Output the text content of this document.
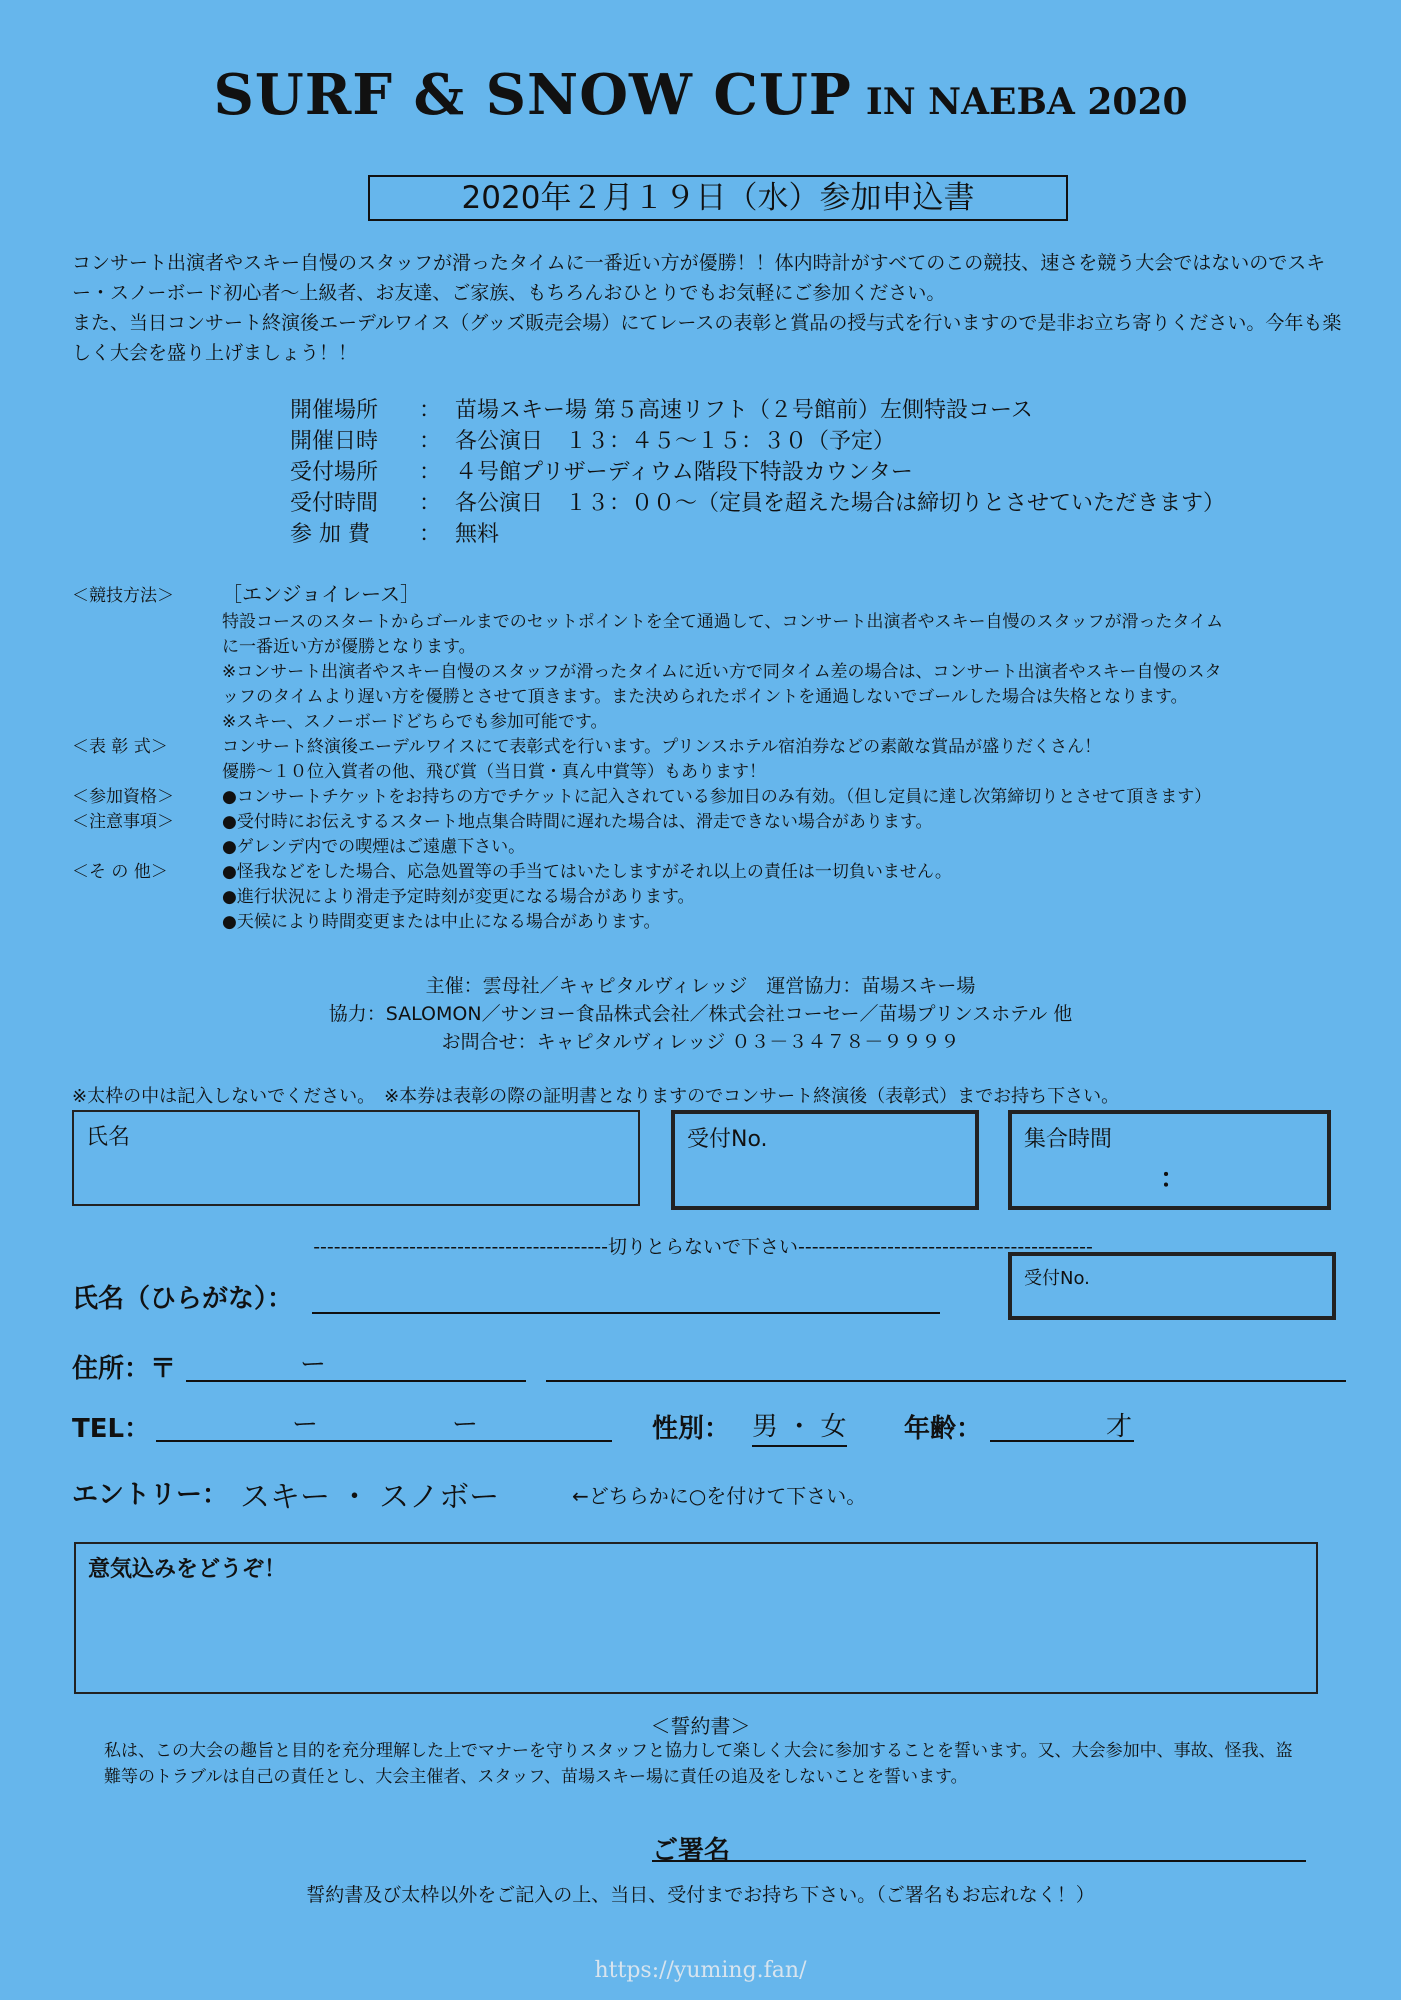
SURF & SNOW CUP IN NAEBA 2020
2020年２月１９日（水）参加申込書
コンサート出演者やスキー自慢のスタッフが滑ったタイムに一番近い方が優勝！！体内時計がすべてのこの競技、速さを競う大会ではないのでスキー・スノーボード初心者～上級者、お友達、ご家族、もちろんおひとりでもお気軽にご参加ください。
また、当日コンサート終演後エーデルワイス（グッズ販売会場）にてレースの表彰と賞品の授与式を行いますので是非お立ち寄りください。今年も楽しく大会を盛り上げましょう！！
開催場所 ： 苗場スキー場 第５高速リフト（２号館前）左側特設コース
開催日時 ： 各公演日　１３：４５～１５：３０（予定）
受付場所 ： ４号館プリザーディウム階段下特設カウンター
受付時間 ： 各公演日　１３：００～（定員を超えた場合は締切りとさせていただきます）
参 加 費 ： 無料
＜競技方法＞ ［エンジョイレース］
特設コースのスタートからゴールまでのセットポイントを全て通過して、コンサート出演者やスキー自慢のスタッフが滑ったタイム
に一番近い方が優勝となります。
※コンサート出演者やスキー自慢のスタッフが滑ったタイムに近い方で同タイム差の場合は、コンサート出演者やスキー自慢のスタ
ッフのタイムより遅い方を優勝とさせて頂きます。また決められたポイントを通過しないでゴールした場合は失格となります。
※スキー、スノーボードどちらでも参加可能です。
＜表 彰 式＞	コンサート終演後エーデルワイスにて表彰式を行います。プリンスホテル宿泊券などの素敵な賞品が盛りだくさん！
優勝～１０位入賞者の他、飛び賞（当日賞・真ん中賞等）もあります！
＜参加資格＞	●コンサートチケットをお持ちの方でチケットに記入されている参加日のみ有効。（但し定員に達し次第締切りとさせて頂きます）
＜注意事項＞	●受付時にお伝えするスタート地点集合時間に遅れた場合は、滑走できない場合があります。
●ゲレンデ内での喫煙はご遠慮下さい。
＜そ の 他＞	●怪我などをした場合、応急処置等の手当てはいたしますがそれ以上の責任は一切負いません。
●進行状況により滑走予定時刻が変更になる場合があります。
●天候により時間変更または中止になる場合があります。
主催：雲母社／キャピタルヴィレッジ　運営協力：苗場スキー場
協力：SALOMON／サンヨー食品株式会社／株式会社コーセー／苗場プリンスホテル 他
お問合せ：キャピタルヴィレッジ ０３－３４７８－９９９９
※太枠の中は記入しないでください。　※本券は表彰の際の証明書となりますのでコンサート終演後（表彰式）までお持ち下さい。
氏名	受付No.	集合時間
：
-------------------------------------------切りとらないで下さい-------------------------------------------
受付No.
氏名（ひらがな）：
住所：〒	ー
TEL：	ー	ー	性別： 男 ・ 女 年齢：	才
エントリー： スキー ・ スノボー	←どちらかに○を付けて下さい。
意気込みをどうぞ！
＜誓約書＞
私は、この大会の趣旨と目的を充分理解した上でマナーを守りスタッフと協力して楽しく大会に参加することを誓います。又、大会参加中、事故、怪我、盗難等のトラブルは自己の責任とし、大会主催者、スタッフ、苗場スキー場に責任の追及をしないことを誓います。
ご署名
誓約書及び太枠以外をご記入の上、当日、受付までお持ち下さい。（ご署名もお忘れなく！）
https://yuming.fan/
